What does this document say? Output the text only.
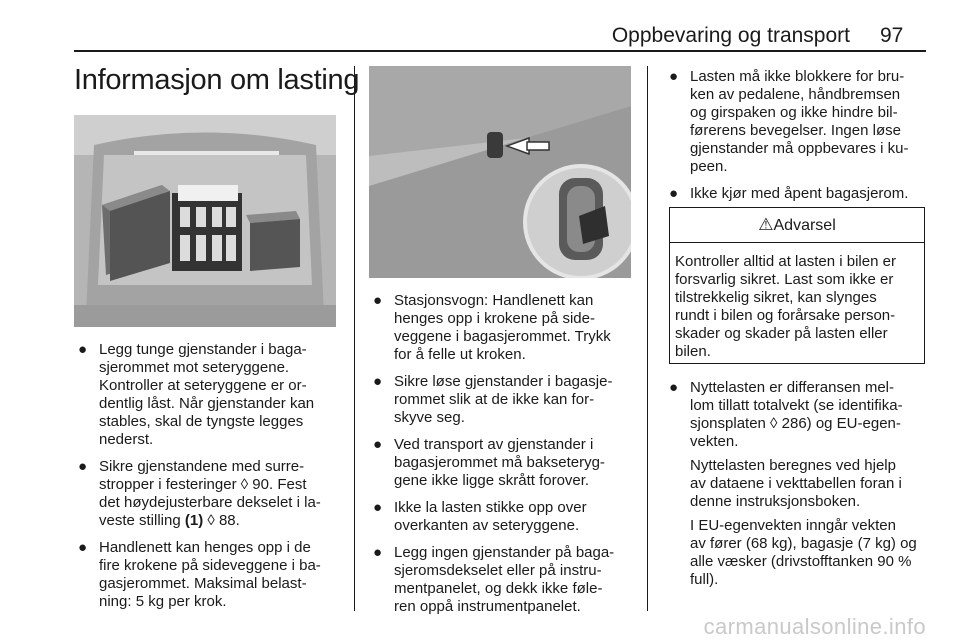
Oppbevaring og transport 97
Informasjon om lasting
● Legg tunge gjenstander i baga-
sjerommet mot seteryggene.
Kontroller at seteryggene er or-
dentlig låst. Når gjenstander kan
stables, skal de tyngste legges
nederst.

● Sikre gjenstandene med surre-
stropper i festeringer ◊ 90. Fest
det høydejusterbare dekselet i la-
veste stilling (1) ◊ 88.

● Handlenett kan henges opp i de
fire krokene på sideveggene i ba-
gasjerommet. Maksimal belast-
ning: 5 kg per krok.

● Stasjonsvogn: Handlenett kan
henges opp i krokene på side-
veggene i bagasjerommet. Trykk
for å felle ut kroken.

● Sikre løse gjenstander i bagasje-
rommet slik at de ikke kan for-
skyve seg.

● Ved transport av gjenstander i
bagasjerommet må bakseteryg-
gene ikke ligge skrått forover.

● Ikke la lasten stikke opp over
overkanten av seteryggene.

● Legg ingen gjenstander på baga-
sjeromsdekselet eller på instru-
mentpanelet, og dekk ikke føle-
ren oppå instrumentpanelet.

● Lasten må ikke blokkere for bru-
ken av pedalene, håndbremsen
og girspaken og ikke hindre bil-
førerens bevegelser. Ingen løse
gjenstander må oppbevares i ku-
peen.

● Ikke kjør med åpent bagasjerom.

⚠Advarsel
Kontroller alltid at lasten i bilen er
forsvarlig sikret. Last som ikke er
tilstrekkelig sikret, kan slynges
rundt i bilen og forårsake person-
skader og skader på lasten eller
bilen.
● Nyttelasten er differansen mel-
lom tillatt totalvekt (se identifika-
sjonsplaten ◊ 286) og EU-egen-
vekten.

Nyttelasten beregnes ved hjelp
av dataene i vekttabellen foran i
denne instruksjonsboken.

I EU-egenvekten inngår vekten
av fører (68 kg), bagasje (7 kg) og
alle væsker (drivstofftanken 90 %
full).

carmanualsonline.info
